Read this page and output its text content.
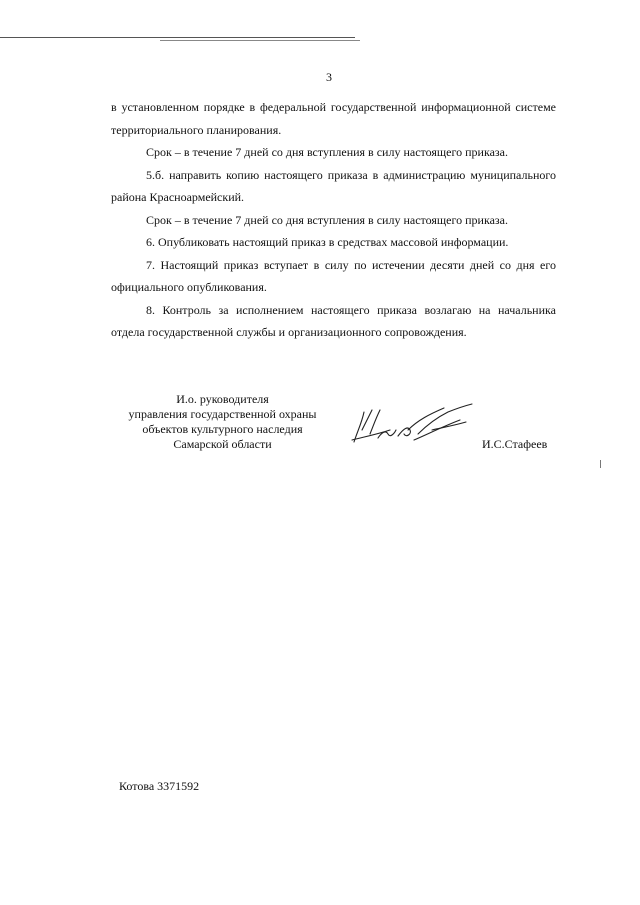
3

в установленном порядке в федеральной государственной информационной системе территориального планирования.

Срок – в течение 7 дней со дня вступления в силу настоящего приказа.

5.б. направить копию настоящего приказа в администрацию муниципального района Красноармейский.

Срок – в течение 7 дней со дня вступления в силу настоящего приказа.

6. Опубликовать настоящий приказ в средствах массовой информации.

7. Настоящий приказ вступает в силу по истечении десяти дней со дня его официального опубликования.

8. Контроль за исполнением настоящего приказа возлагаю на начальника отдела государственной службы и организационного сопровождения.

И.о. руководителя
управления государственной охраны
объектов культурного наследия
Самарской области	И.С.Стафеев
Котова 3371592
